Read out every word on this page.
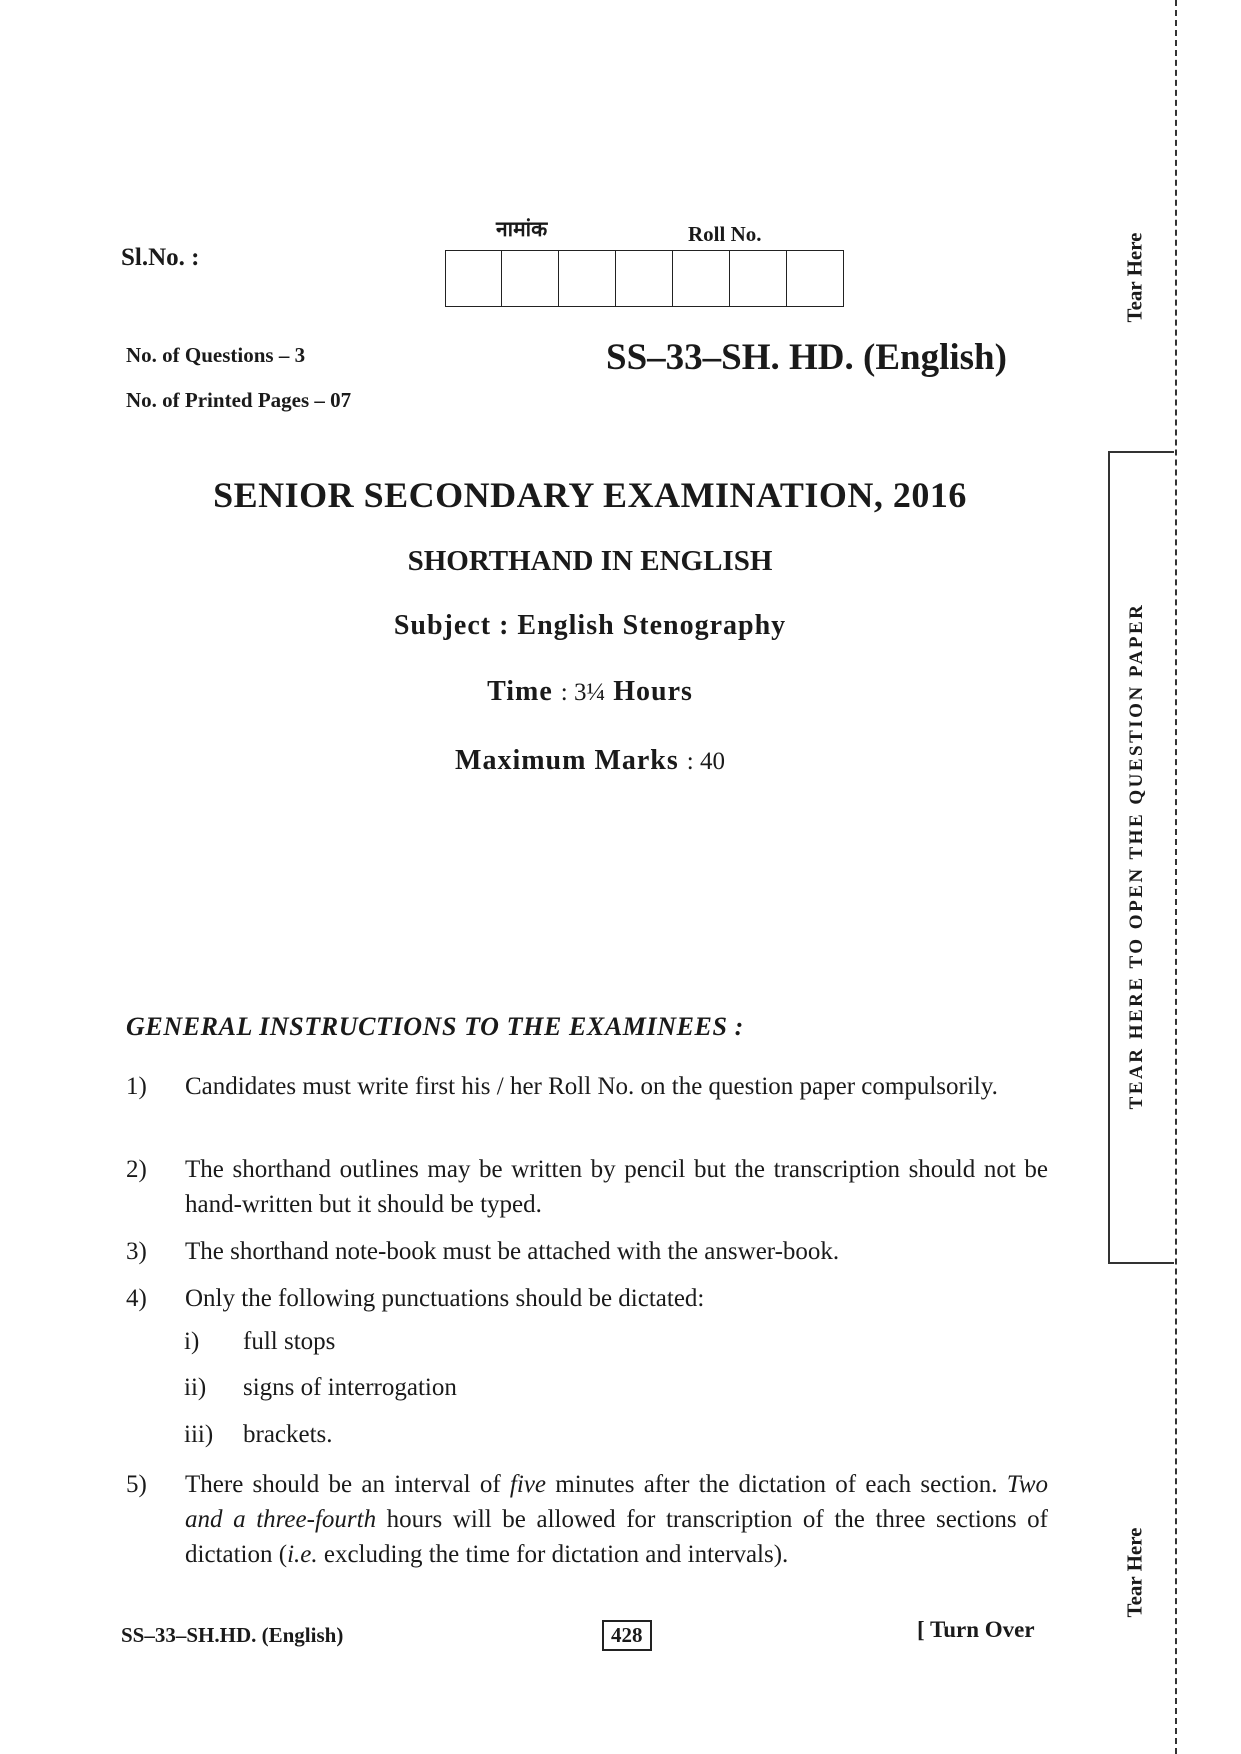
Sl.No. :
नामांक	Roll No.
No. of Questions – 3
No. of Printed Pages – 07
SS–33–SH. HD. (English)
SENIOR SECONDARY EXAMINATION, 2016
SHORTHAND IN ENGLISH
Subject : English Stenography
Time : 3¼ Hours
Maximum Marks : 40
GENERAL INSTRUCTIONS TO THE EXAMINEES :
1) Candidates must write first his / her Roll No. on the question paper compulsorily.
2) The shorthand outlines may be written by pencil but the transcription should not be hand-written but it should be typed.
3) The shorthand note-book must be attached with the answer-book.
4) Only the following punctuations should be dictated:
i) full stops
ii) signs of interrogation
iii) brackets.
5) There should be an interval of five minutes after the dictation of each section. Two and a three-fourth hours will be allowed for transcription of the three sections of dictation (i.e. excluding the time for dictation and intervals).
SS–33–SH.HD. (English)	428	[ Turn Over
Tear Here
TEAR HERE TO OPEN THE QUESTION PAPER
Tear Here
